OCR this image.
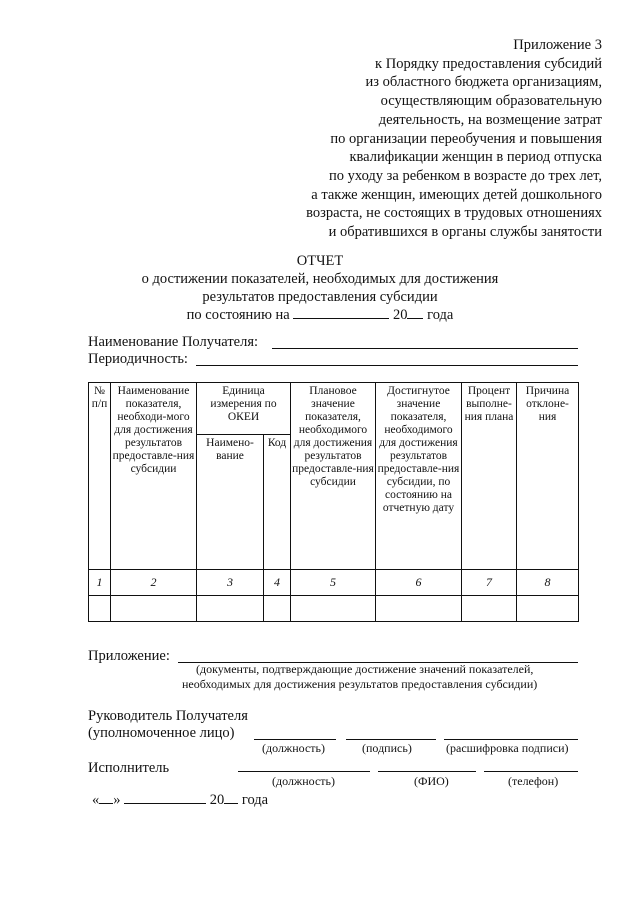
Приложение 3
к Порядку предоставления субсидий
из областного бюджета организациям,
осуществляющим образовательную
деятельность, на возмещение затрат
по организации переобучения и повышения
квалификации женщин в период отпуска
по уходу за ребенком в возрасте до трех лет,
а также женщин, имеющих детей дошкольного
возраста, не состоящих в трудовых отношениях
и обратившихся в органы службы занятости
ОТЧЕТ
о достижении показателей, необходимых для достижения
результатов предоставления субсидии
по состоянию на	20 года
Наименование Получателя:
Периодичность:
№ п/п	Наименование показателя, необходи-мого для достижения результатов предоставле-ния субсидии	Единица измерения по ОКЕИ		Плановое значение показателя, необходимого для достижения результатов предоставле-ния субсидии	Достигнутое значение показателя, необходимого для достижения результатов предоставле-ния субсидии, по состоянию на отчетную дату	Процент выполне-ния плана	Причина отклоне-ния
		Наимено-вание	Код				
1	2	3	4	5	6	7	8

Приложение:
(документы, подтверждающие достижение значений показателей,
необходимых для достижения результатов предоставления субсидии)
Руководитель Получателя
(уполномоченное лицо)
(должность)	(подпись)	(расшифровка подписи)
Исполнитель
(должность)	(ФИО)	(телефон)
« »	20 года
